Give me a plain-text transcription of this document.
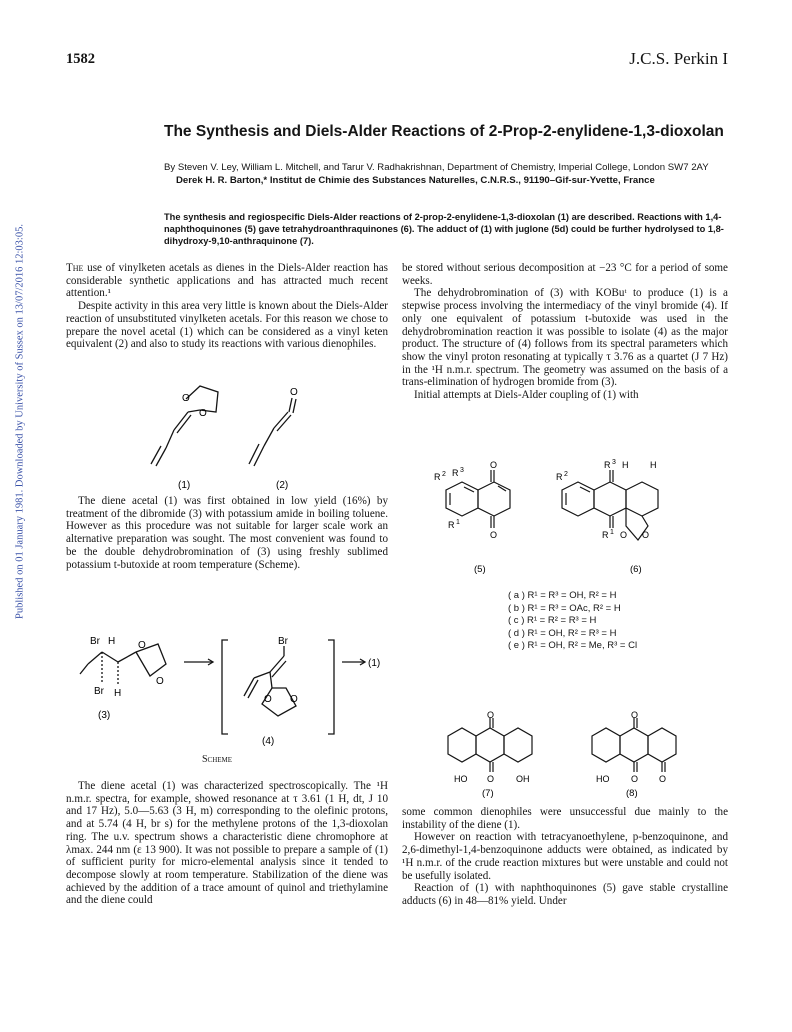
Published on 01 January 1981. Downloaded by University of Sussex on 13/07/2016 12:03:05.
1582	J.C.S. Perkin I
The Synthesis and Diels-Alder Reactions of 2-Prop-2-enylidene-1,3-dioxolan
By Steven V. Ley, William L. Mitchell, and Tarur V. Radhakrishnan, Department of Chemistry, Imperial College, London SW7 2AY
Derek H. R. Barton,* Institut de Chimie des Substances Naturelles, C.N.R.S., 91190–Gif-sur-Yvette, France
The synthesis and regiospecific Diels-Alder reactions of 2-prop-2-enylidene-1,3-dioxolan (1) are described. Reactions with 1,4-naphthoquinones (5) gave tetrahydroanthraquinones (6). The adduct of (1) with juglone (5d) could be further hydrolysed to 1,8-dihydroxy-9,10-anthraquinone (7).

The use of vinylketen acetals as dienes in the Diels-Alder reaction has considerable synthetic applications and has attracted much recent attention.¹

Despite activity in this area very little is known about the Diels-Alder reaction of unsubstituted vinylketen acetals. For this reason we chose to prepare the novel acetal (1) which can be considered as a vinyl keten equivalent (2) and also to study its reactions with various dienophiles.

O
O
O
(1)	(2)

The diene acetal (1) was first obtained in low yield (16%) by treatment of the dibromide (3) with potassium amide in boiling toluene. However as this procedure was not suitable for larger scale work an alternative preparation was sought. The most convenient was found to be the double dehydrobromination of (3) using freshly sublimed potassium t-butoxide at room temperature (Scheme).

Br H O
O
Br H
Br
O O
(1)
(3)
(4)
Scheme

The diene acetal (1) was characterized spectroscopically. The ¹H n.m.r. spectra, for example, showed resonance at τ 3.61 (1 H, dt, J 10 and 17 Hz), 5.0—5.63 (3 H, m) corresponding to the olefinic protons, and at 5.74 (4 H, br s) for the methylene protons of the 1,3-dioxolan ring. The u.v. spectrum shows a characteristic diene chromophore at λmax. 244 nm (ε 13 900). It was not possible to prepare a sample of (1) of sufficient purity for micro-elemental analysis since it tended to decompose slowly at room temperature. Stabilization of the diene was achieved by the addition of a trace amount of quinol and triethylamine and the diene could

be stored without serious decomposition at −23 °C for a period of some weeks.

The dehydrobromination of (3) with KOBuᵗ to produce (1) is a stepwise process involving the intermediacy of the vinyl bromide (4). If only one equivalent of potassium t-butoxide was used in the dehydrobromination reaction it was possible to isolate (4) as the major product. The structure of (4) follows from its spectral parameters which show the vinyl proton resonating at typically τ 3.76 as a quartet (J 7 Hz) in the ¹H n.m.r. spectrum. The geometry was assumed on the basis of a trans-elimination of hydrogen bromide from (3).

Initial attempts at Diels-Alder coupling of (1) with

R 2 R 3
O
R 1
O
R 3 H H
R 2
R 1 O O
(5)	(6)
( a ) R¹ = R³ = OH, R² = H
( b ) R¹ = R³ = OAc, R² = H
( c ) R¹ = R² = R³ = H
( d ) R¹ = OH, R² = R³ = H
( e ) R¹ = OH, R² = Me, R³ = Cl
O
HO O OH
O
HO O O
(7)	(8)

some common dienophiles were unsuccessful due mainly to the instability of the diene (1).

However on reaction with tetracyanoethylene, p-benzoquinone, and 2,6-dimethyl-1,4-benzoquinone adducts were obtained, as indicated by ¹H n.m.r. of the crude reaction mixtures but were unstable and could not be usefully isolated.

Reaction of (1) with naphthoquinones (5) gave stable crystalline adducts (6) in 48—81% yield. Under
